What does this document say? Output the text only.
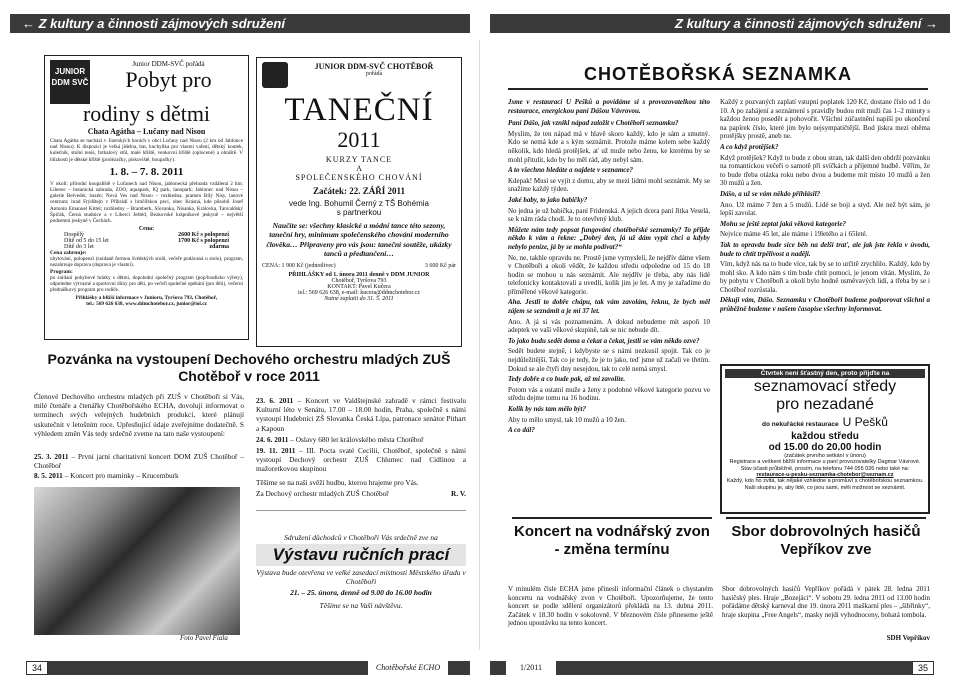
← Z kultury a činnosti zájmových sdružení	Z kultury a činnosti zájmových sdružení →
JUNIOR DDM SVČ
Junior DDM-SVČ pořádá
Pobyt pro
rodiny s dětmi
Chata Agátha – Lučany nad Nisou
Chata Agátha se nachází v Jizerských horách v obci Lučany nad Nisou (2 km od Jablonce nad Nisou). K dispozici je velká jídelna, bar, kuchyňka pro vlastní vaření, dětský koutek, kulečník, stolní tenis, fotbalový stůl, malé hřiště, venkovní hřiště (oplocené) a ohniště. V blízkosti je dětské hřiště (prolézačky, pískoviště, houpačky).
1. 8. – 7. 8. 2011
V okolí: přírodní koupaliště v Lučanech nad Nisou, jablonecká přehrada vzdálená 2 km; Liberec – botanická zahrada, ZOO, aquapark, IQ park, lanopark; Jablonec nad Nisou – galerie Belvedér, bazén; Nová Ves nad Nisou – rozhledna, pramen Bílý Nisy, lanové centrum; hrad Frýdštejn v Příhrádí s hrnčířskou pecí, obec Krásná, kde působil Josef Antonín Emanuel Kittel; rozhledny – Bramberk, Slovanka, Nisanka, Královka, Tanvaldský Špičák, Černá studnice a v Liberci Ještěd, Bezkovské krápníkové jeskyně – největší podzemní jeskyně v Čechách.
Cena:
Dospělý	2600 Kč s polopenzí
Dítě od 5 do 15 let	1700 Kč s polopenzí
Dítě do 3 let	zdarma
Cena zahrnuje:
ubytování, polopenzi (snídaně formou švédských stolů, večeře podávaná u stolu), program, nezahrnuje dopravu (doprava je vlastní).
Program:
po snídani pohybové hrátky s dětmi, dopolední společný program (pop/hradisko výlety), odpoledne výtvarné a sportovní dílny pro děti, po večeři společné opékání (pro děti), večerní přednáškový program pro rodiče.
Přihlášky a bližší informace v Junioru, Tyršova 793, Chotěboř,
tel.: 569 626 638, www.ddmchotebor.cz, junior@iol.cz
JUNIOR DDM-SVČ CHOTĚBOŘ
pořádá
TANEČNÍ
2011
KURZY TANCE
A
SPOLEČENSKÉHO CHOVÁNÍ
Začátek: 22. ZÁŘÍ 2011
vede Ing. Bohumil Černý z TŠ Bohémia
s partnerkou
Naučíte se: všechny klasické a módní tance této sezony, taneční hry, minimum společenského chování moderního člověka… Připraveny pro vás jsou: taneční soutěže, ukázky tanců a předtančení…
CENA: 1 900 Kč (jednotlivec)	3 600 Kč pár
PŘIHLÁŠKY od 1. února 2011 denně v DDM JUNIOR
Chotěboř, Tyršova 793
KONTAKT: Pavel Kučera
tel.: 569 626 638, e-mail: kucera@ddmchotebor.cz
Nutné zaplatit do 31. 5. 2011
Pozvánka na vystoupení Dechového orchestru mladých ZUŠ Chotěboř v roce 2011
Členové Dechového orchestru mladých při ZUŠ v Chotěboři si Vás, milé čtenáře a čtenářky Chotěbořského ECHA, dovolují informovat o termínech svých veřejných hudebních produkcí, které plánují uskutečnit v letošním roce. Upřesňující údaje zveřejníme dodatečně. S výhledem změn Vás tedy srdečně zveme na tato naše vystoupení:
25. 3. 2011 – První jarní charitativní koncert DOM ZUŠ Chotěboř – Chotěboř
8. 5. 2011 – Koncert pro maminky – Krucemburk
Foto Pavel Fiala

23. 6. 2011 – Koncert ve Valdštejnské zahradě v rámci festivalu Kulturní léto v Senátu, 17.00 – 18.00 hodin, Praha, společně s námi vystoupí Hudebníci ZŠ Slovanka Česká Lípa, patronace senátor Pithart a Kapoun

24. 6. 2011 – Oslavy 680 let královského města Chotěboř

19. 11. 2011 – III. Pocta svaté Cecílii, Chotěboř, společně s námi vystoupí Dechový orchestr ZUŠ Chlumec nad Cidlinou a mažoretkovou skupinou

Těšíme se na naši svěží hudbu, kterou hrajeme pro Vás.

Za Dechový orchestr mladých ZUŠ Chotěboř	R. V.
Sdružení důchodců v Chotěboři Vás srdečně zve na
Výstavu ručních prací
Výstava bude otevřena ve velké zasedací místnosti Městského úřadu v Chotěboři
21. – 25. února, denně od 9.00 do 16.00 hodin
Těšíme se na Vaši návštěvu.
CHOTĚBOŘSKÁ SEZNAMKA

Jsme v restauraci U Pešků a povídáme si s provozovatelkou této restaurace, energickou paní Dášou Vávrovou.

Paní Dášo, jak vznikl nápad založit v Chotěboři seznamku?

Myslím, že ten nápad má v hlavě skoro každý, kdo je sám a smutný. Kdo se nemá kde a s kým seznámit. Protože máme kolem sebe každý několik, kdo hledá protějšek, ať už muže nebo ženu, ke kterému by se mohl přitulit, kdo by ho měl rád, aby nebyl sám.

A to všechno hledáte a najdete v seznamce?

Kdepak! Musí se vyjít z domu, aby se mezi lidmi mohl seznámit. My se snažíme každý týden.

Jaké baby, to jako babičky?

No jedna je už babička, paní Fridenská. A jejich dcera paní Jitka Veselá, se k nám ráda chodí. Je to otevřený klub.

Můžete nám tedy popsat fungování chotěbořské seznamky? To přijde někdo k vám a řekne: „Dobrý den, já už dám vypít chci a kdyby nebylo peníze, já by se mohla podívat?“

Ne, ne, takhle opravdu ne. Prostě jsme vymysleli, že nejdřív dáme všem v Chotěboři a okolí vědět, že každou středu odpoledne od 15 do 18 hodin se mohou u nás seznámit. Ale nejdřív je třeba, aby nás lidé telefonicky kontaktovali a uvedli, kolik jim je let. A my je zařadíme do příměřené věkové kategorie.

Aha. Jestli to dobře chápu, tak vám zavolám, řeknu, že bych měl zájem se seznámit a je mi 37 let.

Ano. A já si vás poznamenám. A dokud nebudeme mít aspoň 10 adeptek ve vaší věkové skupině, tak se nic nebude dít.

To jako budu sedět doma a čekat a čekat, jestli se vám někdo ozve?

Sedět budete stejně, i kdybyste se s námi nezkusil spojit. Tak co je nejdůležitější. Tak co je tedy, že je to jako, teď jsme už začali ve třetím. Dokud se ale čtyři dny nesejdou, tak to celé nemá smysl.

Tedy dobře a co bude pak, až mi zavolíte.

Potom vás a ostatní muže a ženy z podobné věkové kategorie pozvu ve středu dejme tomu na 16 hodinu.

Kolik by nás tam mělo být?

Aby to mělo smysl, tak 10 mužů a 10 žen.

A co dál?

Každý z pozvaných zaplatí vstupní poplatek 120 Kč, dostane číslo od 1 do 10. A po zahájení a seznámení s pravidly budou mít muži čas 1–2 minuty s každou ženou posedět a pohovořit. Všichni zúčastnění napíší po ukončení na papírek číslo, které jim bylo nejsympatičtější. Bod jiskra mezi oběma protějšky prostě, aneb ne.

A co když protějšek?

Když protějšek? Když to bude z obou stran, tak další den obdrží pozvánku na romantickou večeři o samotě při svíčkách a příjemné hudbě. Věřím, že to bude třeba otázka roku nebo dvou a budeme mít místo 10 mužů a žen 30 mužů a žen.

Dášo, a už se vám někdo přihlásil?

Ano. Už máme 7 žen a 5 mužů. Lidé se boji a styd. Ale než být sám, je lepší zavolat.

Mohu se ještě zeptat jaká věková kategorie?

Nejvíce máme 45 let, ale máme i 19letého a i 65leté.

Tak to opravdu bude síce běh na delší trať, ale jak jste řekla v úvodu, bude to chtít trpělivost a naději.

Vím, když nás na to bude více, tak by se to určitě zrychlilo. Každý, kdo by mohl sko. A kdo nám s tím bude chtít pomoci, je jenom vítán. Myslím, že by pobytu v Chotěboři a okolí bylo hodně usměvavých lidí, a třeba by se i Chotěboř rozrůstala.

Děkuji vám, Dášo. Seznamku v Chotěboři budeme podporovat všichni a průběžně budeme v našem časopise všechny informovat.

Čtvrtek není šťastný den, proto přijďte na
seznamovací středy
pro nezadané
do nekuřácké restaurace U Pešků
každou středu
od 15.00 do 20.00 hodin
(začátek prvního setkání v únoru)
Registrace a veškeré bližší informace u paní provozovatelky Dagmar Vávrové. Stav účasti průběžně, prosím, na telefonu 744 055 026 nebo také na:
restaurace-u-pesku-seznamka-chotebor@seznam.cz
Každý, kdo ho zvitá, tak nějaké vzhledne a promluví s chotěbořskou seznamkou. Naši skupinu je, aby lidé, co jsou sami, měli možnost se seznámit.
Koncert na vodnářský zvon - změna termínu
V minulém čísle ECHA jsme přinesli informační článek o chystaném koncertu na vodnářský zvon v Chotěboři. Upozorňujeme, že tento koncert se podle sdělení organizátorů překládá na 13. dubna 2011. Začátek v 18.30 hodin v sokolovně. V březnovém čísle přineseme ještě jednou upoutávku na tento koncert.
Sbor dobrovolných hasičů Vepříkov zve
Sbor dobrovolných hasičů Vepříkov pořádá v pátek 28. ledna 2011 hasičský ples. Hraje „Bozejáci“. V sobotu 29. ledna 2011 od 13.00 hodin pořádáme dětský karneval dne 19. února 2011 maškarní ples – „šibřinky“, hraje skupina „Free Angels“, masky nejdi vyhodnoceny, bohatá tombola.
SDH Vepříkov
34	Chotěbořské ECHO	1/2011	35
